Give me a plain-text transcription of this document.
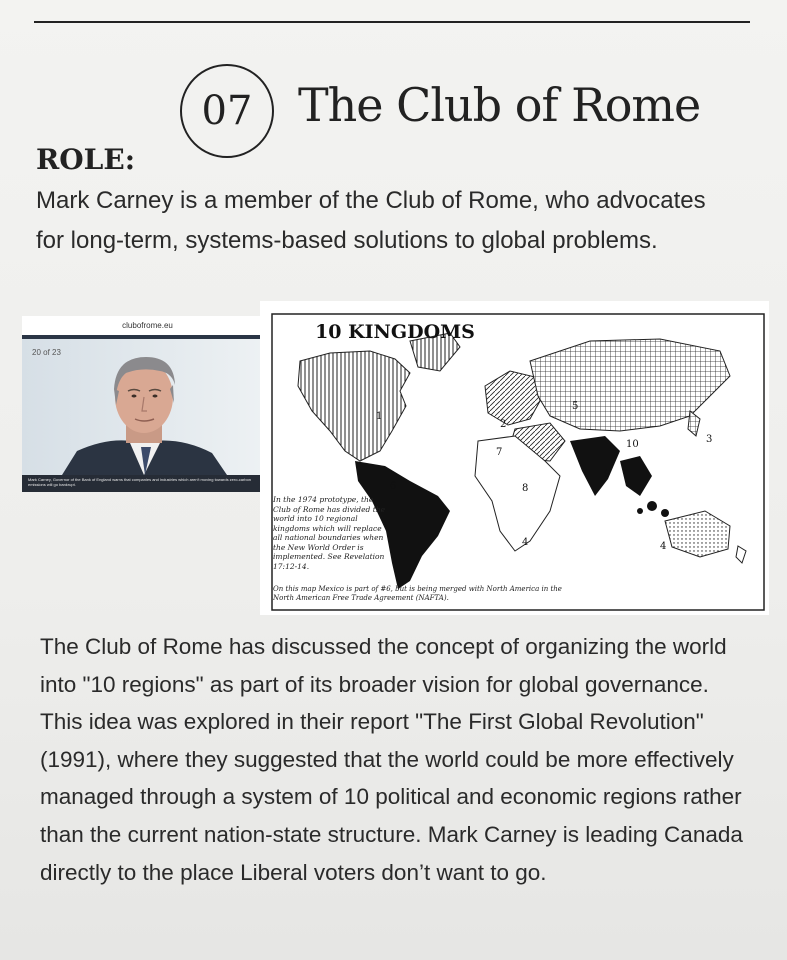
07 The Club of Rome
ROLE:
Mark Carney is a member of the Club of Rome, who advocates for long-term, systems-based solutions to global problems.
clubofrome.eu
20 of 23
Mark Carney, Governor of the Bank of England warns that companies and industries which aren't moving towards zero-carbon emissions will go bankrupt.
10 KINGDOMS
1
2
3
4	4
5
6
7
8
9
10
In the 1974 prototype, the Club of Rome has divided the world into 10 regional kingdoms which will replace all national boundaries when the New World Order is implemented. See Revelation 17:12-14.
On this map Mexico is part of #6, but is being merged with North America in the North American Free Trade Agreement (NAFTA).
The Club of Rome has discussed the concept of organizing the world into "10 regions" as part of its broader vision for global governance. This idea was explored in their report "The First Global Revolution" (1991), where they suggested that the world could be more effectively managed through a system of 10 political and economic regions rather than the current nation-state structure. Mark Carney is leading Canada directly to the place Liberal voters don’t want to go.
